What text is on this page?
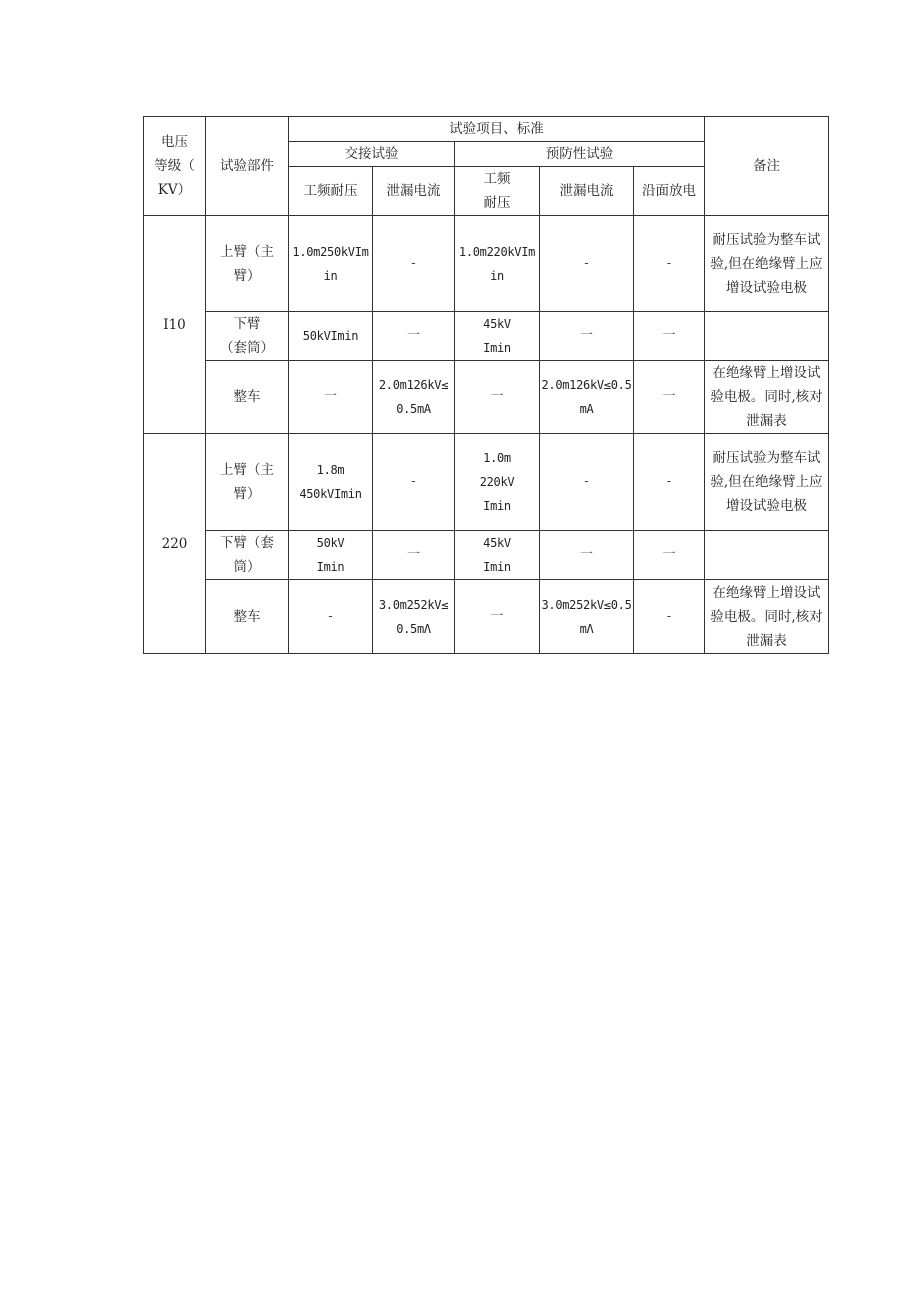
电压
等级（
KV）	试验部件	试验项目、标准					备注
		交接试验		预防性试验			
		工频耐压	泄漏电流	工频
耐压	泄漏电流	沿面放电	
I10	上臂（主
臂）	1.0m250kVImin	-	1.0m220kVImin	-	-	耐压试验为整车试验,但在绝缘臂上应增设试验电极

	下臂
（套筒）	50kVImin	一	45kV
Imin	一	一	
	整车	一	2.0m126kV≤0.5mA	一	2.0m126kV≤0.5mA	一	在绝缘臂上增设试验电极。同时,核对泄漏表
220	上臂（主
臂）	1.8m
450kVImin	-	1.0m
220kV
Imin	-	-	耐压试验为整车试验,但在绝缘臂上应增设试验电极

	下臂（套
筒）	50kV
Imin	一	45kV
Imin	一	一	
	整车	-	3.0m252kV≤0.5mΛ	一	3.0m252kV≤0.5mΛ	-	在绝缘臂上增设试验电极。同时,核对泄漏表
